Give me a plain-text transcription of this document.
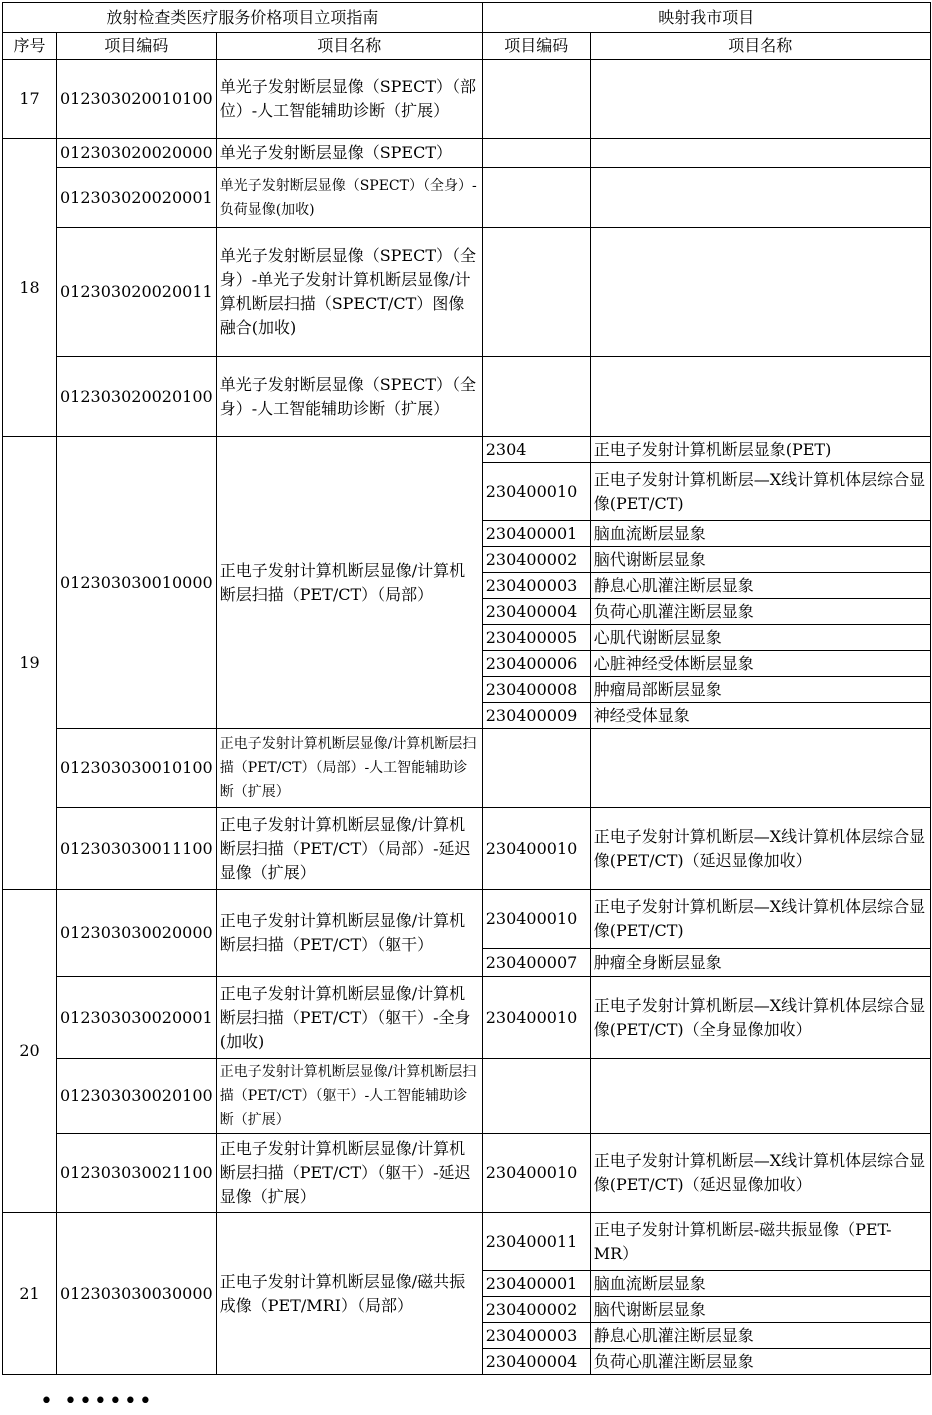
放射检查类医疗服务价格项目立项指南			映射我市项目	
序号	项目编码	项目名称	项目编码	项目名称
17	012303020010100	单光子发射断层显像（SPECT）（部位）-人工智能辅助诊断（扩展）		
18	012303020020000	单光子发射断层显像（SPECT）		
	012303020020001	单光子发射断层显像（SPECT）（全身）-负荷显像(加收)		
	012303020020011	单光子发射断层显像（SPECT）（全身）-单光子发射计算机断层显像/计算机断层扫描（SPECT/CT）图像融合(加收)		
	012303020020100	单光子发射断层显像（SPECT）（全身）-人工智能辅助诊断（扩展）		
19	012303030010000	正电子发射计算机断层显像/计算机断层扫描（PET/CT）（局部）	2304	正电子发射计算机断层显象(PET)
			230400010	正电子发射计算机断层—X线计算机体层综合显像(PET/CT)
			230400001	脑血流断层显象
			230400002	脑代谢断层显象
			230400003	静息心肌灌注断层显象
			230400004	负荷心肌灌注断层显象
			230400005	心肌代谢断层显象
			230400006	心脏神经受体断层显象
			230400008	肿瘤局部断层显象
			230400009	神经受体显象
	012303030010100	正电子发射计算机断层显像/计算机断层扫描（PET/CT）（局部）-人工智能辅助诊断（扩展）		
	012303030011100	正电子发射计算机断层显像/计算机断层扫描（PET/CT）（局部）-延迟显像（扩展）	230400010	正电子发射计算机断层—X线计算机体层综合显像(PET/CT)（延迟显像加收）
20	012303030020000	正电子发射计算机断层显像/计算机断层扫描（PET/CT）（躯干）	230400010	正电子发射计算机断层—X线计算机体层综合显像(PET/CT)
			230400007	肿瘤全身断层显象
	012303030020001	正电子发射计算机断层显像/计算机断层扫描（PET/CT）（躯干）-全身(加收)	230400010	正电子发射计算机断层—X线计算机体层综合显像(PET/CT)（全身显像加收）
	012303030020100	正电子发射计算机断层显像/计算机断层扫描（PET/CT）（躯干）-人工智能辅助诊断（扩展）		
	012303030021100	正电子发射计算机断层显像/计算机断层扫描（PET/CT）（躯干）-延迟显像（扩展）	230400010	正电子发射计算机断层—X线计算机体层综合显像(PET/CT)（延迟显像加收）
21	012303030030000	正电子发射计算机断层显像/磁共振成像（PET/MRI）（局部）	230400011	正电子发射计算机断层-磁共振显像（PET-MR）
			230400001	脑血流断层显象
			230400002	脑代谢断层显象
			230400003	静息心肌灌注断层显象
			230400004	负荷心肌灌注断层显象
• ••••••
